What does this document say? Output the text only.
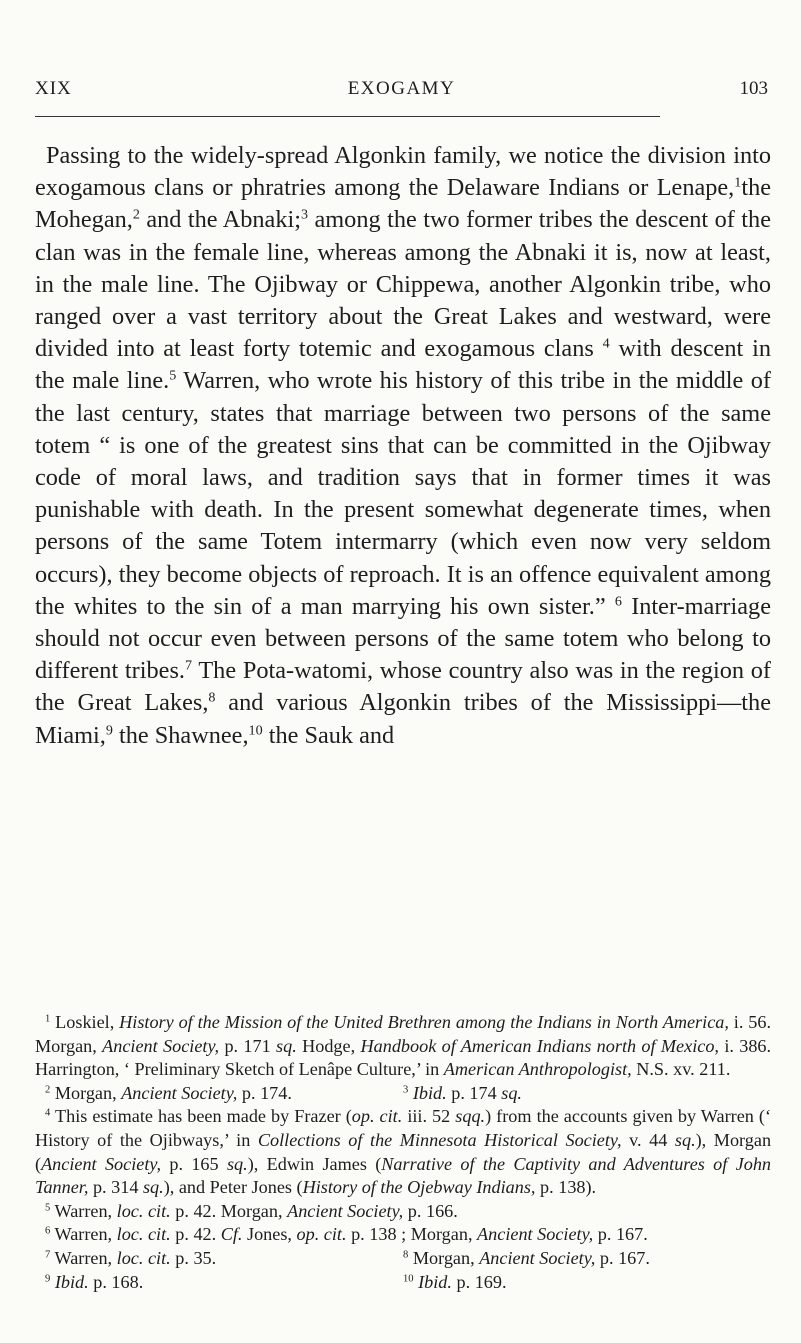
XIX	EXOGAMY	103

Passing to the widely-spread Algonkin family, we notice the division into exogamous clans or phratries among the Delaware Indians or Lenape,$^1$the Mohegan,$^2$ and the Abnaki;$^3$ among the two former tribes the descent of the clan was in the female line, whereas among the Abnaki it is, now at least, in the male line. The Ojibway or Chippewa, another Algonkin tribe, who ranged over a vast territory about the Great Lakes and westward, were divided into at least forty totemic and exogamous clans $^4$ with descent in the male line.$^5$ Warren, who wrote his history of this tribe in the middle of the last century, states that marriage between two persons of the same totem “ is one of the greatest sins that can be committed in the Ojibway code of moral laws, and tradition says that in former times it was punishable with death. In the present somewhat degenerate times, when persons of the same Totem intermarry (which even now very seldom occurs), they become objects of reproach. It is an offence equivalent among the whites to the sin of a man marrying his own sister.” $^6$ Inter-marriage should not occur even between persons of the same totem who belong to different tribes.$^7$ The Pota-watomi, whose country also was in the region of the Great Lakes,$^8$ and various Algonkin tribes of the Mississippi—the Miami,$^9$ the Shawnee,$^{10}$ the Sauk and

$^1$ Loskiel, History of the Mission of the United Brethren among the Indians in North America, i. 56. Morgan, Ancient Society, p. 171 sq. Hodge, Handbook of American Indians north of Mexico, i. 386. Harrington, ‘ Preliminary Sketch of Lenâpe Culture,’ in American Anthropologist, N.S. xv. 211.

$^2$ Morgan, Ancient Society, p. 174.	$^3$ Ibid. p. 174 sq.

$^4$ This estimate has been made by Frazer (op. cit. iii. 52 sqq.) from the accounts given by Warren (‘ History of the Ojibways,’ in Collections of the Minnesota Historical Society, v. 44 sq.), Morgan (Ancient Society, p. 165 sq.), Edwin James (Narrative of the Captivity and Adventures of John Tanner, p. 314 sq.), and Peter Jones (History of the Ojebway Indians, p. 138).

$^5$ Warren, loc. cit. p. 42. Morgan, Ancient Society, p. 166.

$^6$ Warren, loc. cit. p. 42. Cf. Jones, op. cit. p. 138 ; Morgan, Ancient Society, p. 167.

$^7$ Warren, loc. cit. p. 35.	$^8$ Morgan, Ancient Society, p. 167.
$^9$ Ibid. p. 168.	$^{10}$ Ibid. p. 169.
